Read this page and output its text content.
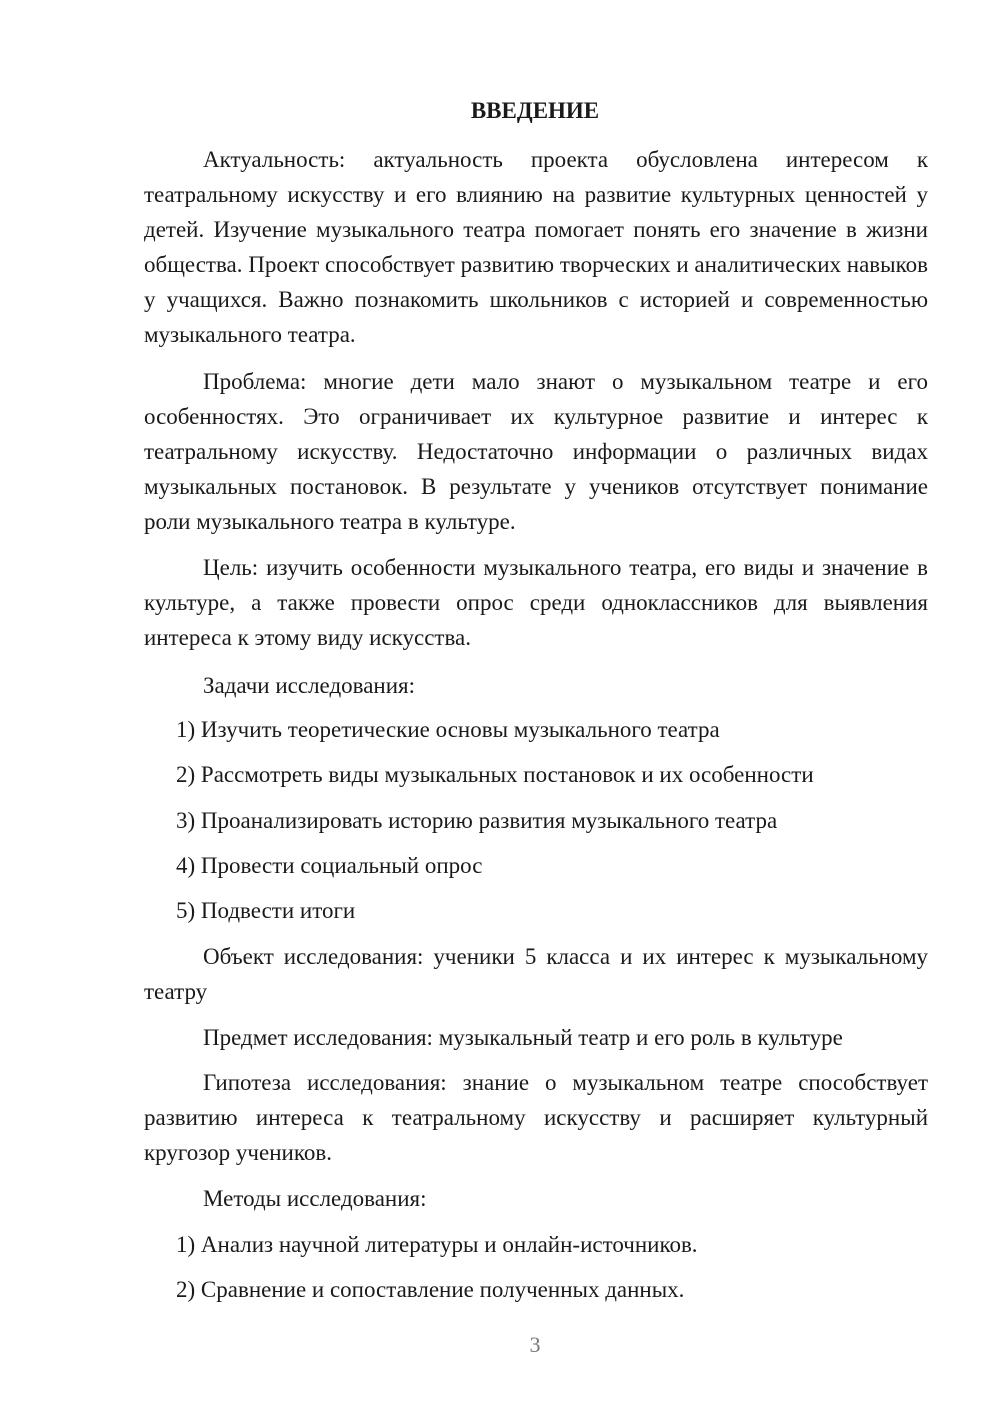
ВВЕДЕНИЕ

Актуальность: актуальность проекта обусловлена интересом к театральному искусству и его влиянию на развитие культурных ценностей у детей. Изучение музыкального театра помогает понять его значение в жизни общества. Проект способствует развитию творческих и аналитических навыков у учащихся. Важно познакомить школьников с историей и современностью музыкального театра.

Проблема: многие дети мало знают о музыкальном театре и его особенностях. Это ограничивает их культурное развитие и интерес к театральному искусству. Недостаточно информации о различных видах музыкальных постановок. В результате у учеников отсутствует понимание роли музыкального театра в культуре.

Цель: изучить особенности музыкального театра, его виды и значение в культуре, а также провести опрос среди одноклассников для выявления интереса к этому виду искусства.

Задачи исследования:

1) Изучить теоретические основы музыкального театра

2) Рассмотреть виды музыкальных постановок и их особенности

3) Проанализировать историю развития музыкального театра

4) Провести социальный опрос

5) Подвести итоги

Объект исследования: ученики 5 класса и их интерес к музыкальному театру

Предмет исследования: музыкальный театр и его роль в культуре

Гипотеза исследования: знание о музыкальном театре способствует развитию интереса к театральному искусству и расширяет культурный кругозор учеников.

Методы исследования:

1) Анализ научной литературы и онлайн-источников.

2) Сравнение и сопоставление полученных данных.

3
